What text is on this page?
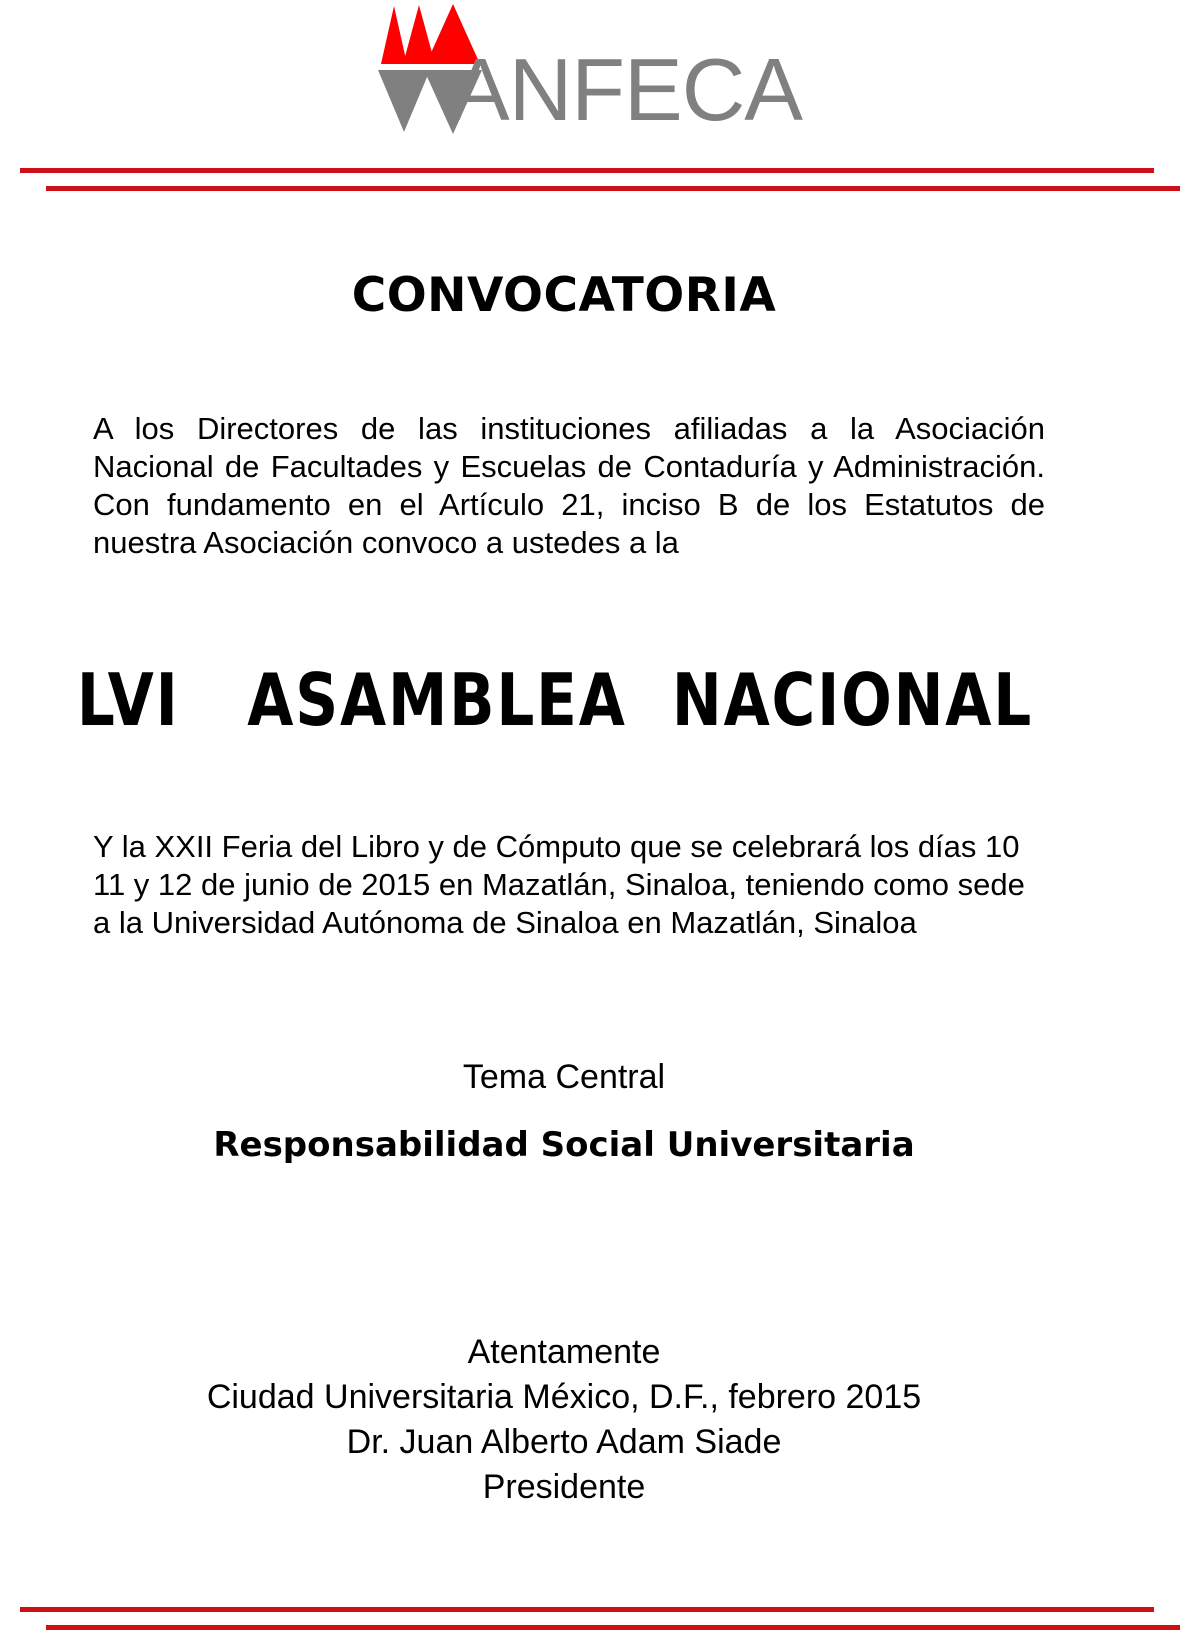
ANFECA
CONVOCATORIA

A los Directores de las instituciones afiliadas a la Asociación Nacional de Facultades y Escuelas de Contaduría y Administración. Con fundamento en el Artículo 21, inciso B de los Estatutos de nuestra Asociación convoco a ustedes a la

LVI   ASAMBLEA  NACIONAL

Y la XXII Feria del Libro y de Cómputo que se celebrará los días 10

11 y 12 de junio de 2015 en Mazatlán, Sinaloa, teniendo como sede

a la Universidad Autónoma de Sinaloa en Mazatlán, Sinaloa

Tema Central
Responsabilidad Social Universitaria
Atentamente
Ciudad Universitaria México, D.F., febrero 2015
Dr. Juan Alberto Adam Siade
Presidente
